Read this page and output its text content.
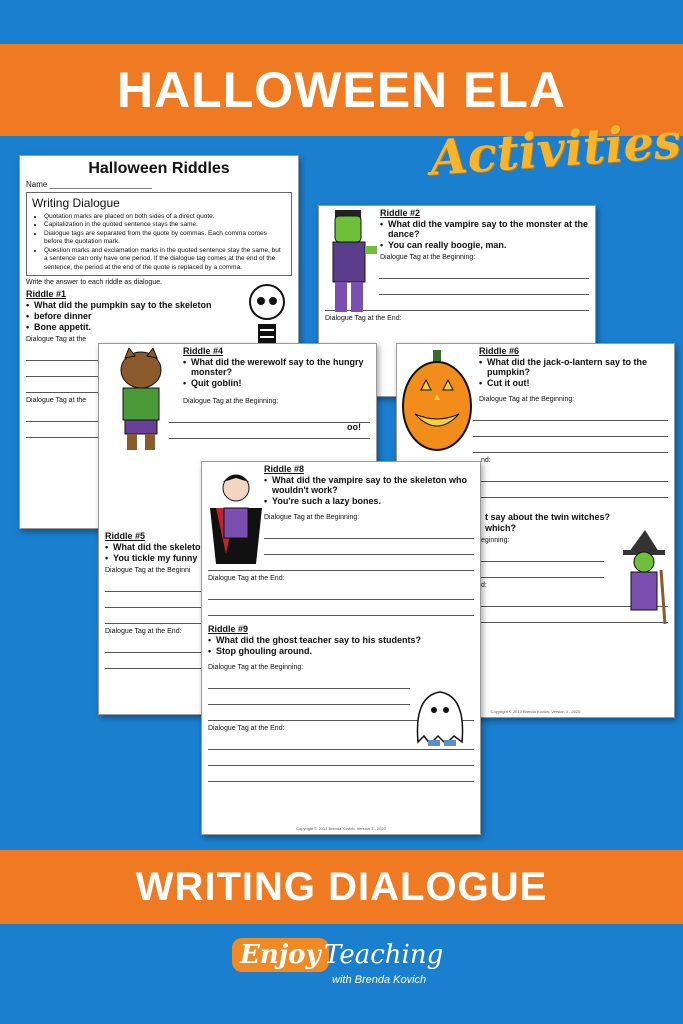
HALLOWEEN ELA
Activities
Halloween Riddles
Name _______________________
Writing Dialogue
• Quotation marks are placed on both sides of a direct quote.
• Capitalization in the quoted sentence stays the same.
• Dialogue tags are separated from the quote by commas. Each comma comes before the quotation mark.
• Question marks and exclamation marks in the quoted sentence stay the same, but a sentence can only have one period. If the dialogue tag comes at the end of the sentence, the period at the end of the quote is replaced by a comma.
Write the answer to each riddle as dialogue.
Riddle #1
• What did the pumpkin say to the skeleton
• before dinner
• Bone appetit.
Dialogue Tag at the
Dialogue Tag at the
Riddle #2
• What did the vampire say to the monster at the dance?
• You can really boogie, man.
Dialogue Tag at the Beginning:
Dialogue Tag at the End:
Riddle #4
• What did the werewolf say to the hungry monster?
• Quit goblin!
Dialogue Tag at the Beginning:
Riddle #5
• What did the skeleto
• You tickle my funny
Dialogue Tag at the Beginni
Dialogue Tag at the End:
oo!
Riddle #6
• What did the jack-o-lantern say to the pumpkin?
• Cut it out!
Dialogue Tag at the Beginning:
nd:
• t say about the twin witches?
• which?
eginning:
d:
Copyright © 2013 Brenda Kovich, Version 3 - 2020
Riddle #8
• What did the vampire say to the skeleton who wouldn't work?
• You're such a lazy bones.
Dialogue Tag at the Beginning:
Dialogue Tag at the End:
Riddle #9
• What did the ghost teacher say to his students?
• Stop ghouling around.
Dialogue Tag at the Beginning:
Dialogue Tag at the End:
Copyright © 2013 Brenda Kovich, Version 3 - 2020
WRITING DIALOGUE
Enjoy Teaching
with Brenda Kovich
